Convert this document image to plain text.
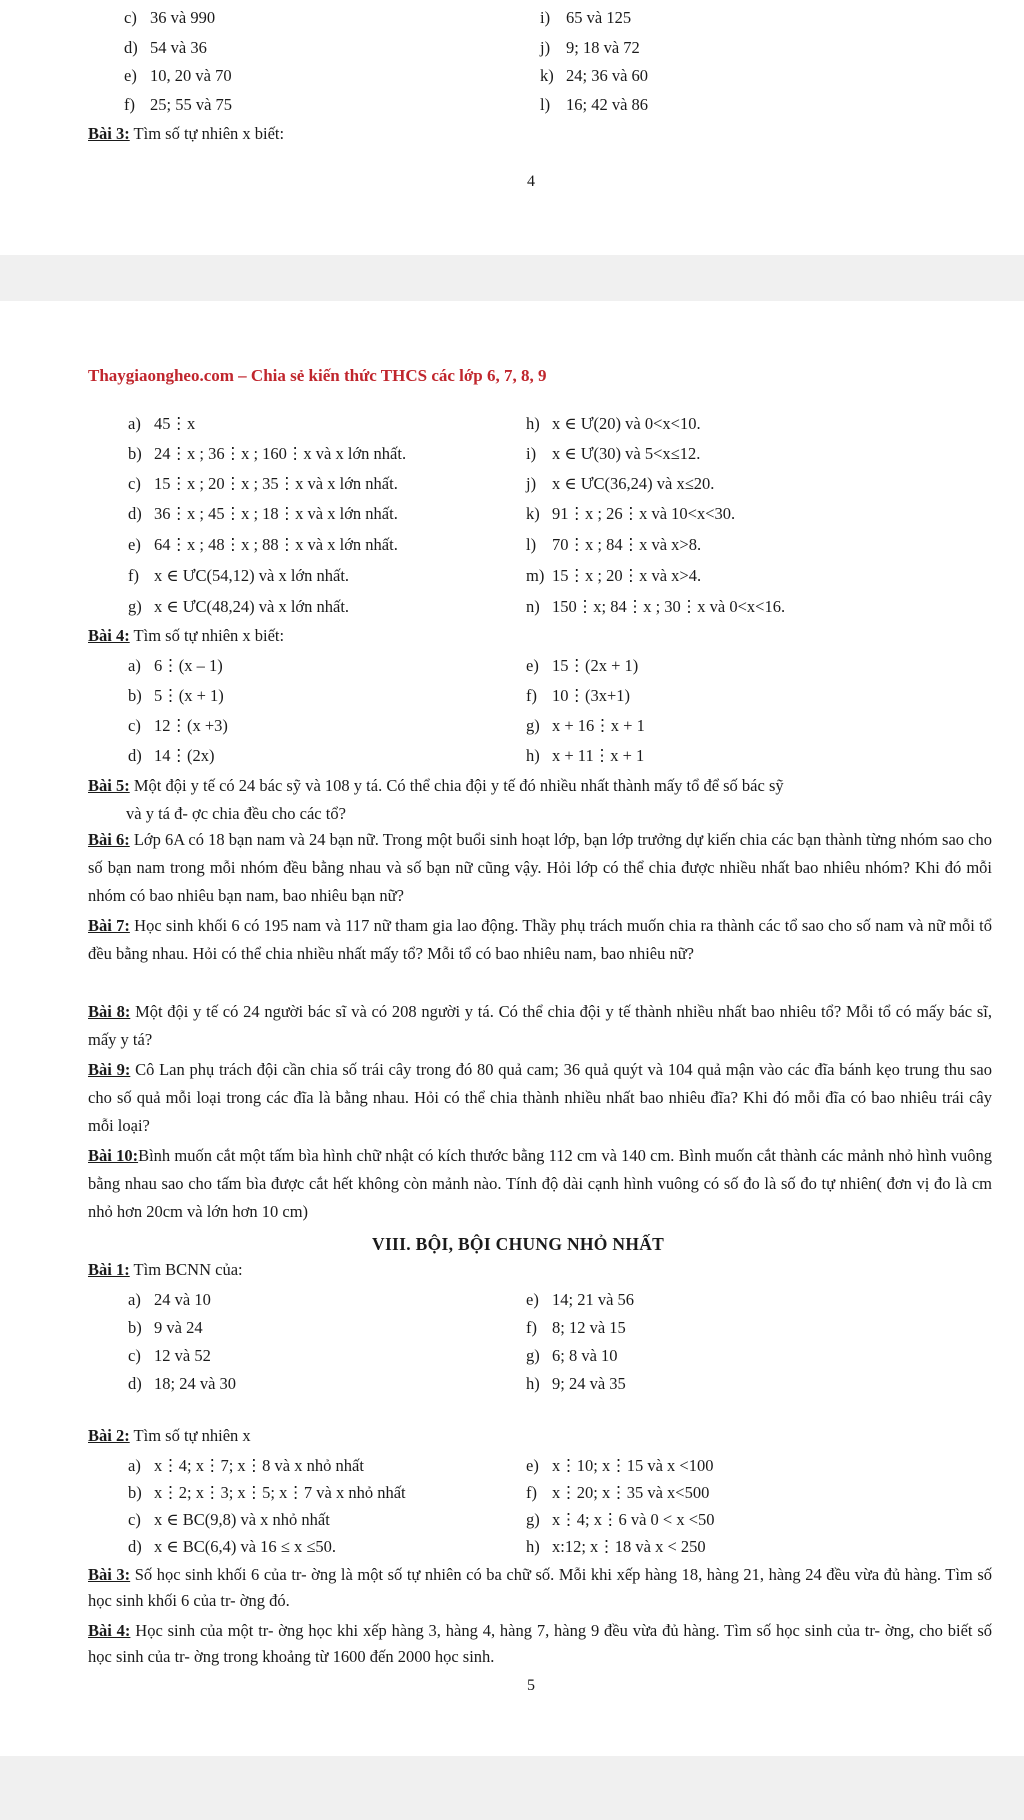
c) 36 và 990
d) 54 và 36
e) 10, 20 và 70
f) 25; 55 và 75
i) 65 và 125
j) 9; 18 và 72
k) 24; 36 và 60
l) 16; 42 và 86
Bài 3: Tìm số tự nhiên x biết:
4
Thaygiaongheo.com – Chia sẻ kiến thức THCS các lớp 6, 7, 8, 9
a) 45⋮x
b) 24⋮x ; 36⋮x ; 160⋮x và x lớn nhất.
c) 15⋮x ; 20⋮x ; 35⋮x và x lớn nhất.
d) 36⋮x ; 45⋮x ; 18⋮x và x lớn nhất.
e) 64⋮x ; 48⋮x ; 88⋮x và x lớn nhất.
f) x ∈ ƯC(54,12) và x lớn nhất.
g) x ∈ ƯC(48,24) và x lớn nhất.
h) x ∈ Ư(20) và 0<x<10.
i) x ∈ Ư(30) và 5<x≤12.
j) x ∈ ƯC(36,24) và x≤20.
k) 91⋮x ; 26⋮x và 10<x<30.
l) 70⋮x ; 84⋮x và x>8.
m) 15⋮x ; 20⋮x và x>4.
n) 150⋮x; 84⋮x ; 30⋮x và 0<x<16.
Bài 4: Tìm số tự nhiên x biết:
a) 6⋮(x – 1)
b) 5⋮(x + 1)
c) 12⋮(x +3)
d) 14⋮(2x)
e) 15⋮(2x + 1)
f) 10⋮(3x+1)
g) x + 16⋮x + 1
h) x + 11⋮x + 1
Bài 5: Một đội y tế có 24 bác sỹ và 108 y tá. Có thể chia đội y tế đó nhiều nhất thành mấy tổ để số bác sỹ
và y tá đ- ợc chia đều cho các tổ?
Bài 6: Lớp 6A có 18 bạn nam và 24 bạn nữ. Trong một buổi sinh hoạt lớp, bạn lớp trưởng dự kiến chia các bạn thành từng nhóm sao cho số bạn nam trong mỗi nhóm đều bằng nhau và số bạn nữ cũng vậy. Hỏi lớp có thể chia được nhiều nhất bao nhiêu nhóm? Khi đó mỗi nhóm có bao nhiêu bạn nam, bao nhiêu bạn nữ?
Bài 7: Học sinh khối 6 có 195 nam và 117 nữ tham gia lao động. Thầy phụ trách muốn chia ra thành các tổ sao cho số nam và nữ mỗi tổ đều bằng nhau. Hỏi có thể chia nhiều nhất mấy tổ? Mỗi tổ có bao nhiêu nam, bao nhiêu nữ?
Bài 8: Một đội y tế có 24 người bác sĩ và có 208 người y tá. Có thể chia đội y tế thành nhiều nhất bao nhiêu tổ? Mỗi tổ có mấy bác sĩ, mấy y tá?
Bài 9: Cô Lan phụ trách đội cần chia số trái cây trong đó 80 quả cam; 36 quả quýt và 104 quả mận vào các đĩa bánh kẹo trung thu sao cho số quả mỗi loại trong các đĩa là bằng nhau. Hỏi có thể chia thành nhiều nhất bao nhiêu đĩa? Khi đó mỗi đĩa có bao nhiêu trái cây mỗi loại?
Bài 10:Bình muốn cắt một tấm bìa hình chữ nhật có kích thước bằng 112 cm và 140 cm. Bình muốn cắt thành các mảnh nhỏ hình vuông bằng nhau sao cho tấm bìa được cắt hết không còn mảnh nào. Tính độ dài cạnh hình vuông có số đo là số đo tự nhiên( đơn vị đo là cm nhỏ hơn 20cm và lớn hơn 10 cm)
VIII. BỘI, BỘI CHUNG NHỎ NHẤT
Bài 1: Tìm BCNN của:
a) 24 và 10
b) 9 và 24
c) 12 và 52
d) 18; 24 và 30
e) 14; 21 và 56
f) 8; 12 và 15
g) 6; 8 và 10
h) 9; 24 và 35
Bài 2: Tìm số tự nhiên x
a) x⋮4; x⋮7; x⋮8 và x nhỏ nhất
b) x⋮2; x⋮3; x⋮5; x⋮7 và x nhỏ nhất
c) x ∈ BC(9,8) và x nhỏ nhất
d) x ∈ BC(6,4) và 16 ≤ x ≤50.
e) x⋮10; x⋮15 và x <100
f) x⋮20; x⋮35 và x<500
g) x⋮4; x⋮6 và 0 < x <50
h) x:12; x⋮18 và x < 250
Bài 3: Số học sinh khối 6 của tr- ờng là một số tự nhiên có ba chữ số. Mỗi khi xếp hàng 18, hàng 21, hàng 24 đều vừa đủ hàng. Tìm số học sinh khối 6 của tr- ờng đó.
Bài 4: Học sinh của một tr- ờng học khi xếp hàng 3, hàng 4, hàng 7, hàng 9 đều vừa đủ hàng. Tìm số học sinh của tr- ờng, cho biết số học sinh của tr- ờng trong khoảng từ 1600 đến 2000 học sinh.
5
